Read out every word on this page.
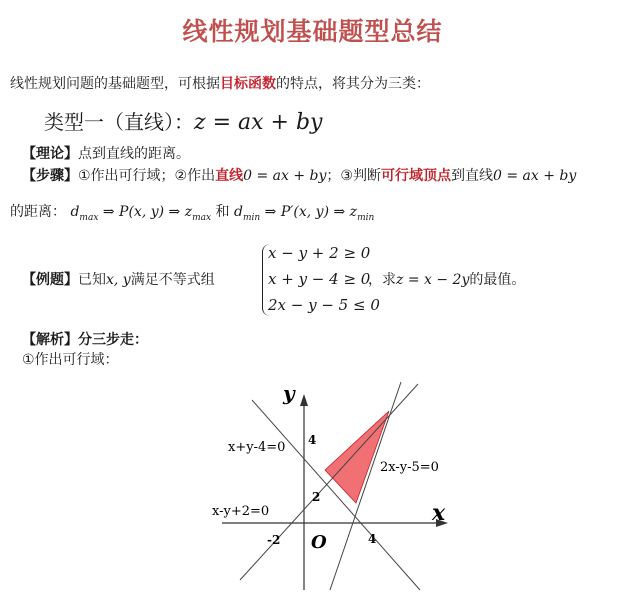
线性规划基础题型总结
线性规划问题的基础题型，可根据目标函数的特点，将其分为三类：
类型一（直线）：z = ax + by
【理论】点到直线的距离。
【步骤】①作出可行域；②作出直线0 = ax + by；③判断可行域顶点到直线0 = ax + by
的距离： $d_{max}$ ⇒ P(x, y) ⇒ $z_{max}$ 和 $d_{min}$ ⇒ P′(x, y) ⇒ $z_{min}$
【例题】已知x, y满足不等式组
x − y + 2 ≥ 0
x + y − 4 ≥ 0
2x − y − 5 ≤ 0
，求z = x − 2y的最值。
【解析】分三步走：
①作出可行域：
y
x
O
4
2
-2	4
x+y-4=0
2x-y-5=0
x-y+2=0
